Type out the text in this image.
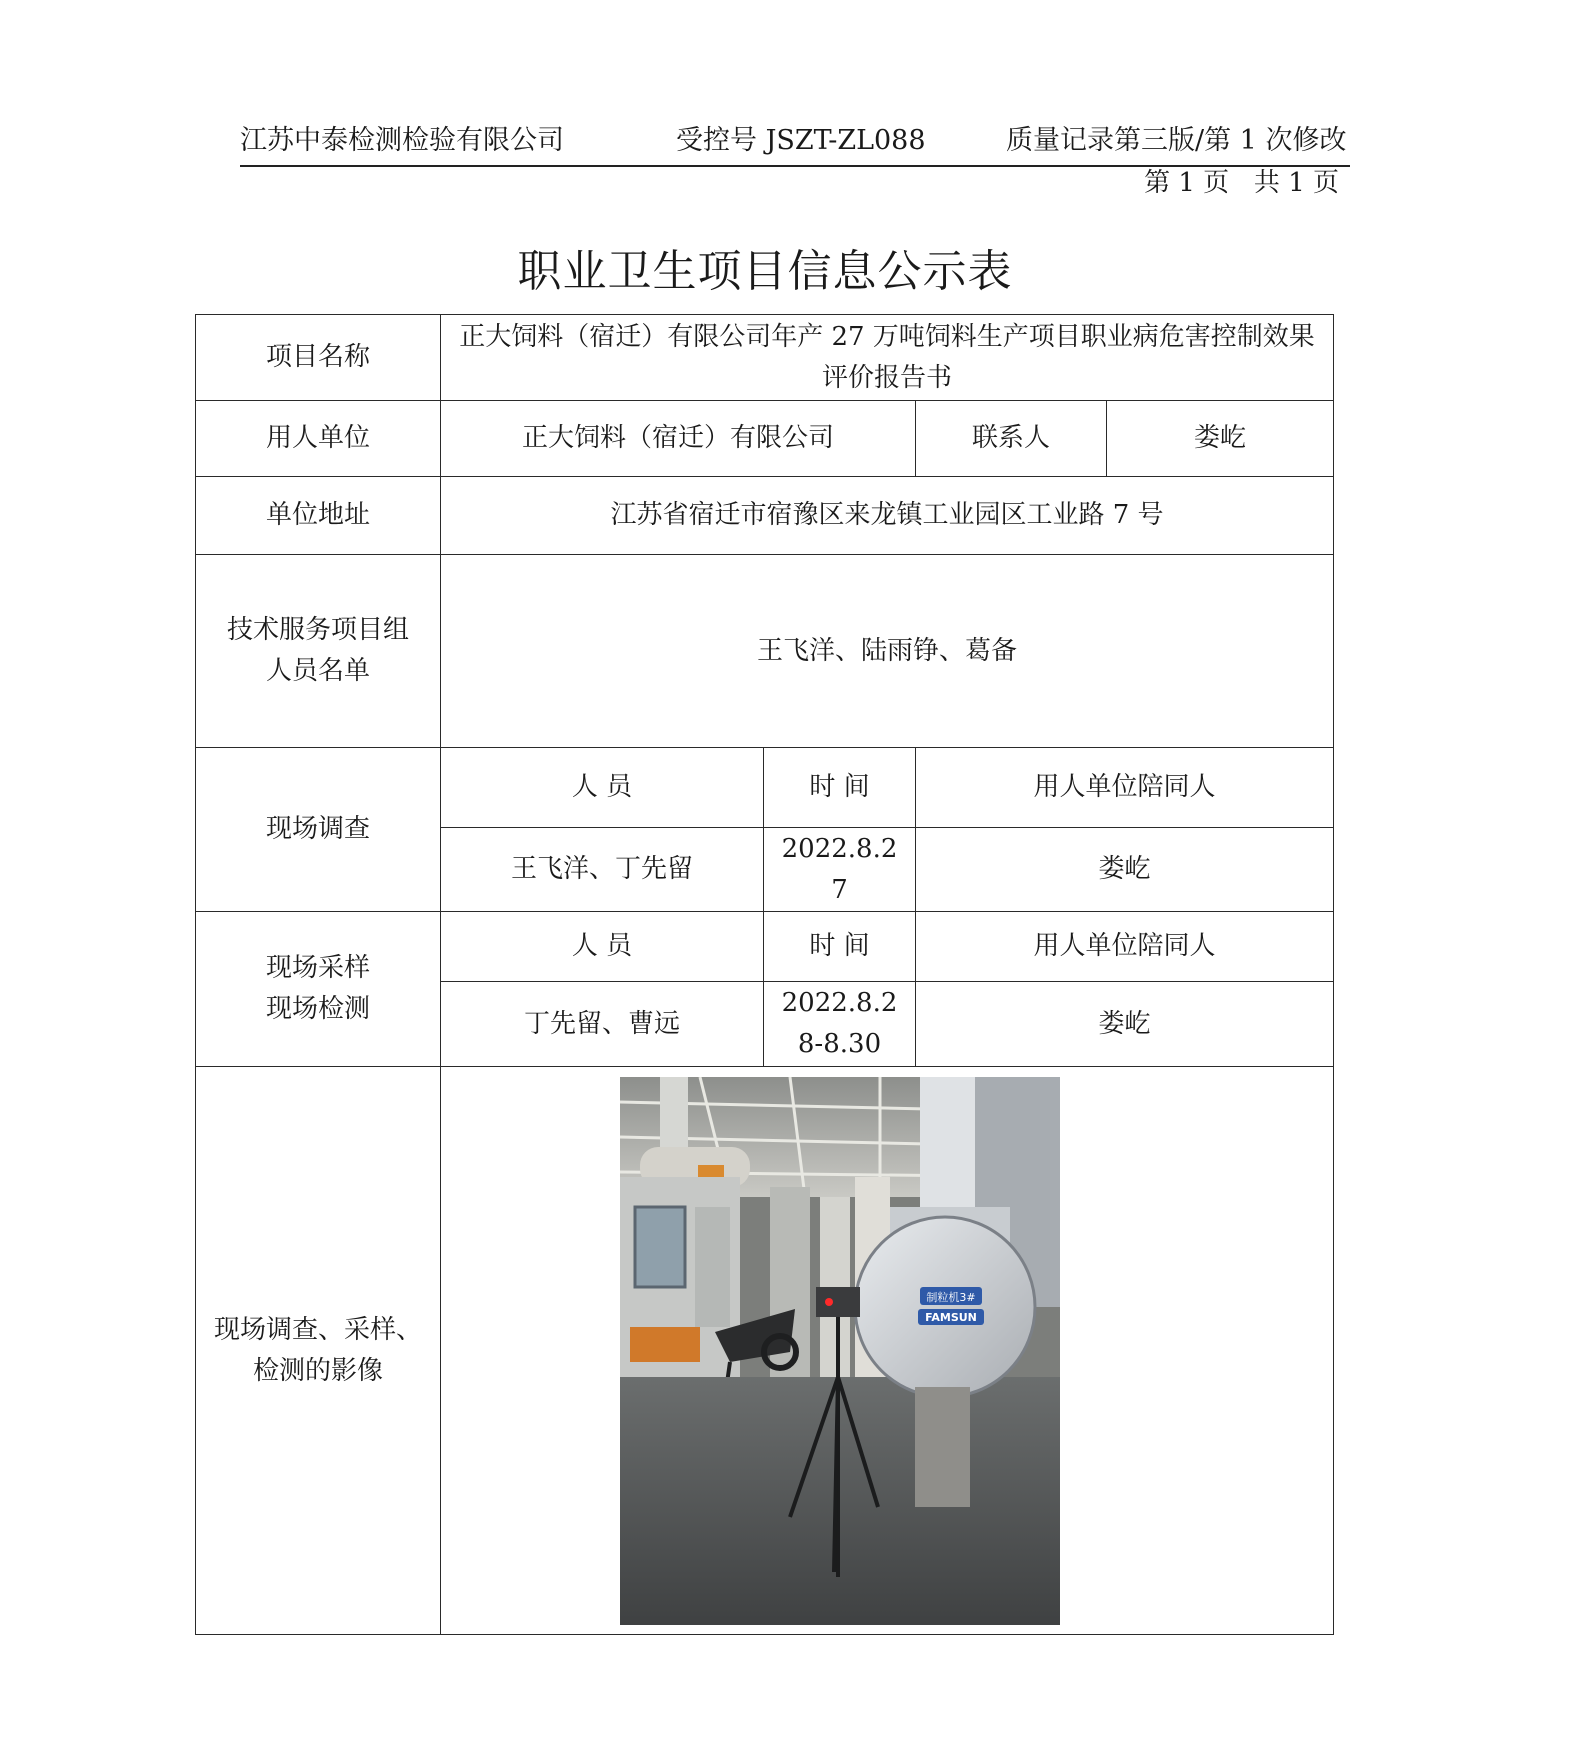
江苏中泰检测检验有限公司	受控号 JSZT-ZL088	质量记录第三版/第 1 次修改
第 1 页   共 1 页
职业卫生项目信息公示表
项目名称	正大饲料（宿迁）有限公司年产 27 万吨饲料生产项目职业病危害控制效果评价报告书			
用人单位	正大饲料（宿迁）有限公司		联系人	娄屹
单位地址	江苏省宿迁市宿豫区来龙镇工业园区工业路 7 号			
技术服务项目组人员名单	王飞洋、陆雨铮、葛备			
现场调查	人 员	时 间	用人单位陪同人	
	王飞洋、丁先留	2022.8.27	娄屹	
现场采样现场检测	人 员	时 间	用人单位陪同人	
	丁先留、曹远	2022.8.28-8.30	娄屹	
现场调查、采样、检测的影像	制粒机3#
FAMSUN			
